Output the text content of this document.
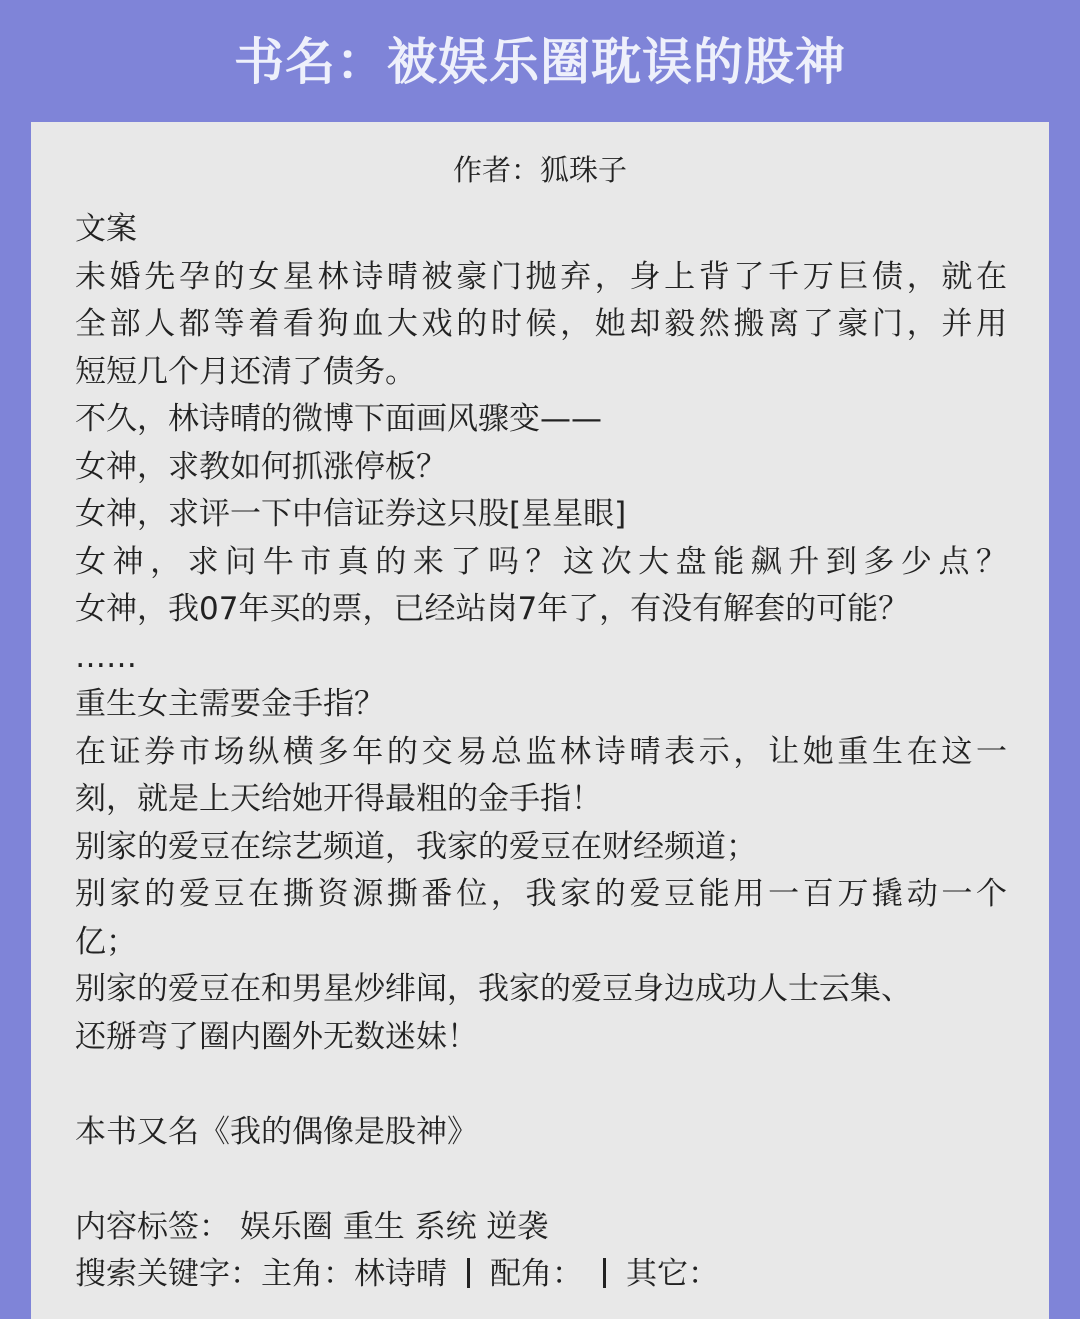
书名：被娱乐圈耽误的股神
作者：狐珠子
文案
未婚先孕的女星林诗晴被豪门抛弃，身上背了千万巨债，就在
全部人都等着看狗血大戏的时候，她却毅然搬离了豪门，并用
短短几个月还清了债务。
不久，林诗晴的微博下面画风骤变——
女神，求教如何抓涨停板？
女神，求评一下中信证券这只股[星星眼]
女神，求问牛市真的来了吗？这次大盘能飙升到多少点？
女神，我07年买的票，已经站岗7年了，有没有解套的可能？
……
重生女主需要金手指？
在证券市场纵横多年的交易总监林诗晴表示，让她重生在这一
刻，就是上天给她开得最粗的金手指！
别家的爱豆在综艺频道，我家的爱豆在财经频道；
别家的爱豆在撕资源撕番位，我家的爱豆能用一百万撬动一个
亿；
别家的爱豆在和男星炒绯闻，我家的爱豆身边成功人士云集、
还掰弯了圈内圈外无数迷妹！
本书又名《我的偶像是股神》
内容标签： 娱乐圈 重生 系统 逆袭
搜索关键字：主角：林诗晴 配角： 其它：
